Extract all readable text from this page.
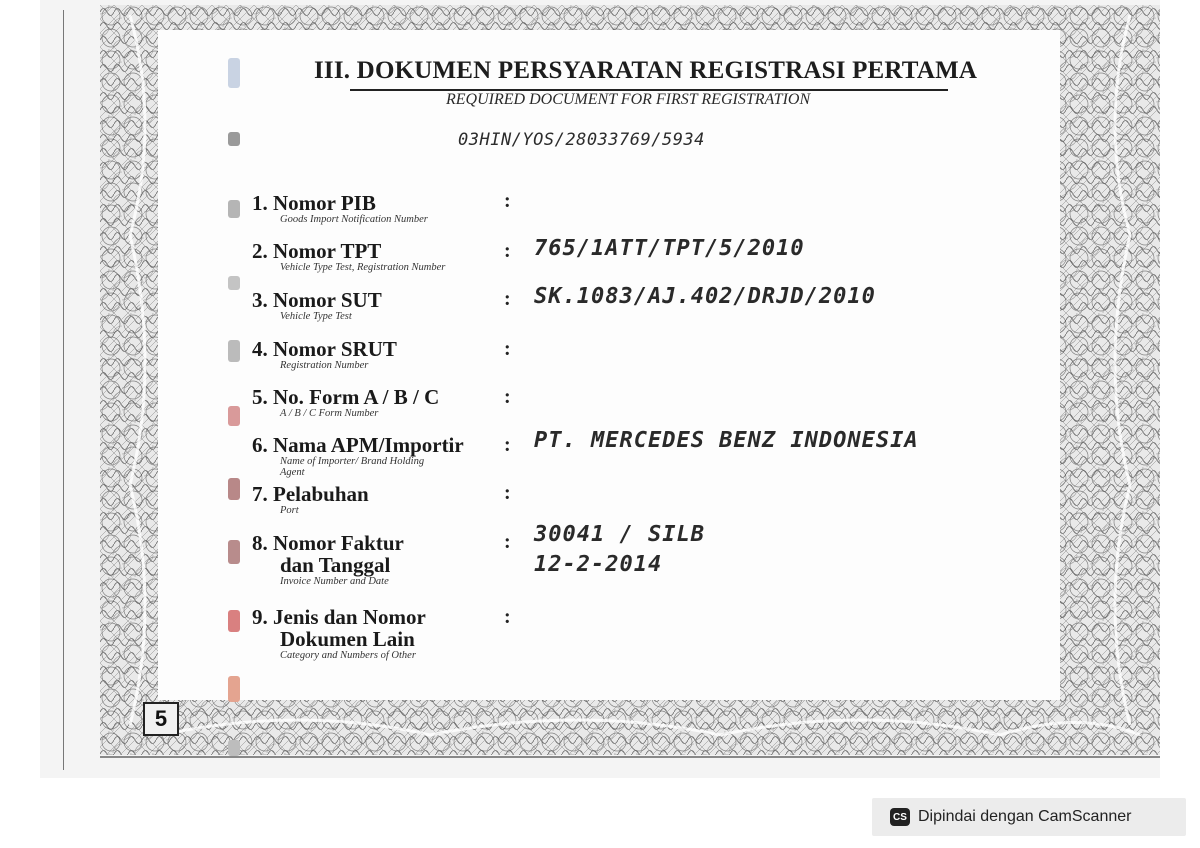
III. DOKUMEN PERSYARATAN REGISTRASI PERTAMA
REQUIRED DOCUMENT FOR FIRST REGISTRATION
03HIN/YOS/28033769/5934
1. Nomor PIB
Goods Import Notification Number
:
2. Nomor TPT
Vehicle Type Test, Registration Number
: 765/1ATT/TPT/5/2010
3. Nomor SUT
Vehicle Type Test
: SK.1083/AJ.402/DRJD/2010
4. Nomor SRUT
Registration Number
:
5. No. Form A / B / C
A / B / C Form Number
:
6. Nama APM/Importir
Name of Importer/ Brand Holding
Agent
: PT. MERCEDES BENZ INDONESIA
7. Pelabuhan
Port
:
8. Nomor Faktur
dan Tanggal
Invoice Number and Date
: 30041 / SILB
12-2-2014
9. Jenis dan Nomor
Dokumen Lain
Category and Numbers of Other
:
5
CS Dipindai dengan CamScanner
